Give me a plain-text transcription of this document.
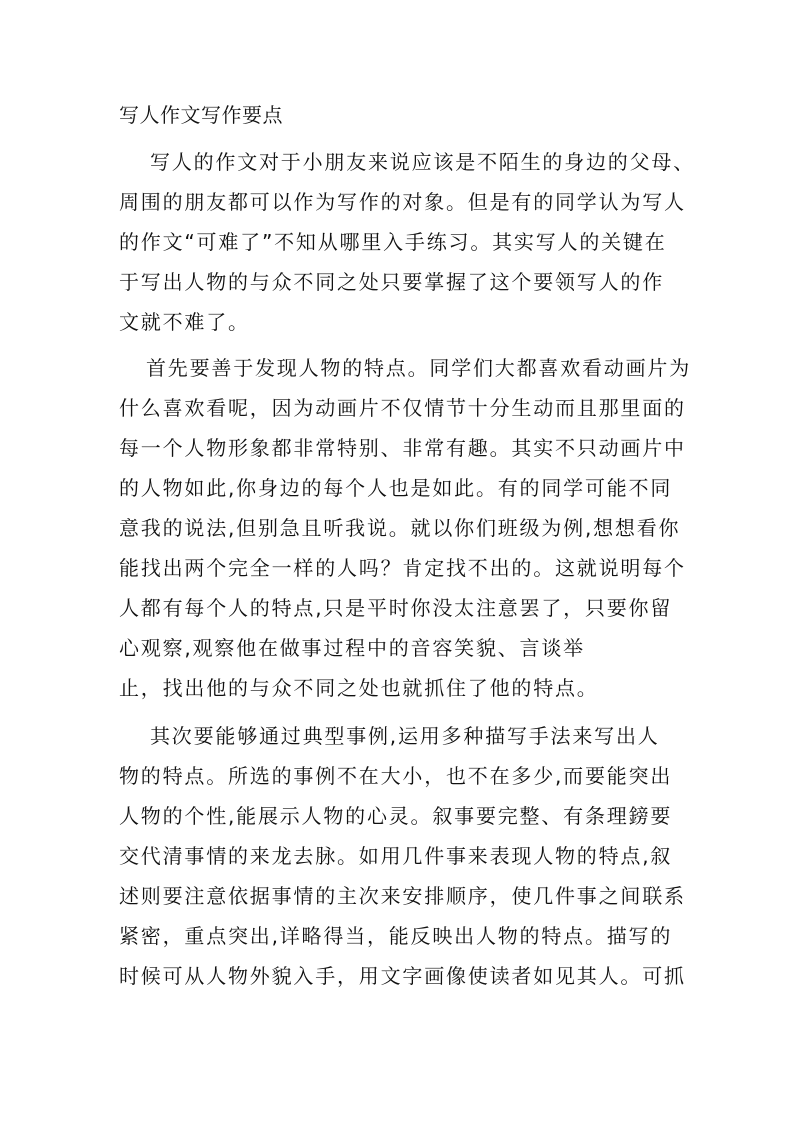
写人作文写作要点
写人的作文对于小朋友来说应该是不陌生的身边的父母、
周围的朋友都可以作为写作的对象。但是有的同学认为写人
的作文“可难了”不知从哪里入手练习。其实写人的关键在
于写出人物的与众不同之处只要掌握了这个要领写人的作
文就不难了。
首先要善于发现人物的特点。同学们大都喜欢看动画片为
什么喜欢看呢，因为动画片不仅情节十分生动而且那里面的
每一个人物形象都非常特别、非常有趣。其实不只动画片中
的人物如此,你身边的每个人也是如此。有的同学可能不同
意我的说法,但别急且听我说。就以你们班级为例,想想看你
能找出两个完全一样的人吗？肯定找不出的。这就说明每个
人都有每个人的特点,只是平时你没太注意罢了，只要你留
心观察,观察他在做事过程中的音容笑貌、言谈举
止，找出他的与众不同之处也就抓住了他的特点。
其次要能够通过典型事例,运用多种描写手法来写出人
物的特点。所选的事例不在大小，也不在多少,而要能突出
人物的个性,能展示人物的心灵。叙事要完整、有条理鎊要
交代清事情的来龙去脉。如用几件事来表现人物的特点,叙
述则要注意依据事情的主次来安排顺序，使几件事之间联系
紧密，重点突出,详略得当，能反映出人物的特点。描写的
时候可从人物外貌入手，用文字画像使读者如见其人。可抓
